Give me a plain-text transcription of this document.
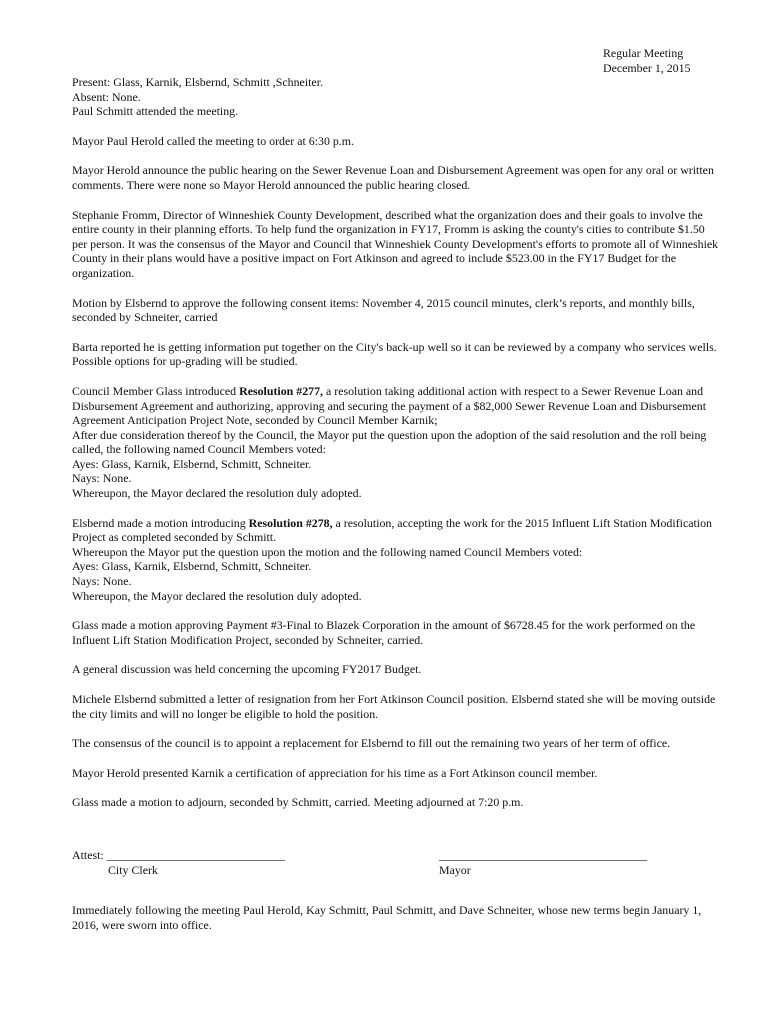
Regular Meeting
December 1, 2015

Present: Glass, Karnik, Elsbernd, Schmitt ,Schneiter.
Absent: None.
Paul Schmitt attended the meeting.

Mayor Paul Herold called the meeting to order at 6:30 p.m.

Mayor Herold announce the public hearing on the Sewer Revenue Loan and Disbursement Agreement was open for any oral or written comments. There were none so Mayor Herold announced the public hearing closed.

Stephanie Fromm, Director of Winneshiek County Development, described what the organization does and their goals to involve the entire county in their planning efforts. To help fund the organization in FY17, Fromm is asking the county's cities to contribute $1.50 per person. It was the consensus of the Mayor and Council that Winneshiek County Development's efforts to promote all of Winneshiek County in their plans would have a positive impact on Fort Atkinson and agreed to include $523.00 in the FY17 Budget for the organization.

Motion by Elsbernd to approve the following consent items: November 4, 2015 council minutes, clerk’s reports, and monthly bills, seconded by Schneiter, carried

Barta reported he is getting information put together on the City's back-up well so it can be reviewed by a company who services wells. Possible options for up-grading will be studied.

Council Member Glass introduced Resolution #277, a resolution taking additional action with respect to a Sewer Revenue Loan and Disbursement Agreement and authorizing, approving and securing the payment of a $82,000 Sewer Revenue Loan and Disbursement Agreement Anticipation Project Note, seconded by Council Member Karnik;
After due consideration thereof by the Council, the Mayor put the question upon the adoption of the said resolution and the roll being called, the following named Council Members voted:
Ayes: Glass, Karnik, Elsbernd, Schmitt, Schneiter.
Nays: None.
Whereupon, the Mayor declared the resolution duly adopted.

Elsbernd made a motion introducing Resolution #278, a resolution, accepting the work for the 2015 Influent Lift Station Modification Project as completed seconded by Schmitt.
Whereupon the Mayor put the question upon the motion and the following named Council Members voted:
Ayes: Glass, Karnik, Elsbernd, Schmitt, Schneiter.
Nays: None.
Whereupon, the Mayor declared the resolution duly adopted.

Glass made a motion approving Payment #3-Final to Blazek Corporation in the amount of $6728.45 for the work performed on the Influent Lift Station Modification Project, seconded by Schneiter, carried.

A general discussion was held concerning the upcoming FY2017 Budget.

Michele Elsbernd submitted a letter of resignation from her Fort Atkinson Council position. Elsbernd stated she will be moving outside the city limits and will no longer be eligible to hold the position.

The consensus of the council is to appoint a replacement for Elsbernd to fill out the remaining two years of her term of office.

Mayor Herold presented Karnik a certification of appreciation for his time as a Fort Atkinson council member.

Glass made a motion to adjourn, seconded by Schmitt, carried. Meeting adjourned at 7:20 p.m.

Attest: ______________________________	___________________________________
City Clerk	Mayor

Immediately following the meeting Paul Herold, Kay Schmitt, Paul Schmitt, and Dave Schneiter, whose new terms begin January 1, 2016, were sworn into office.
